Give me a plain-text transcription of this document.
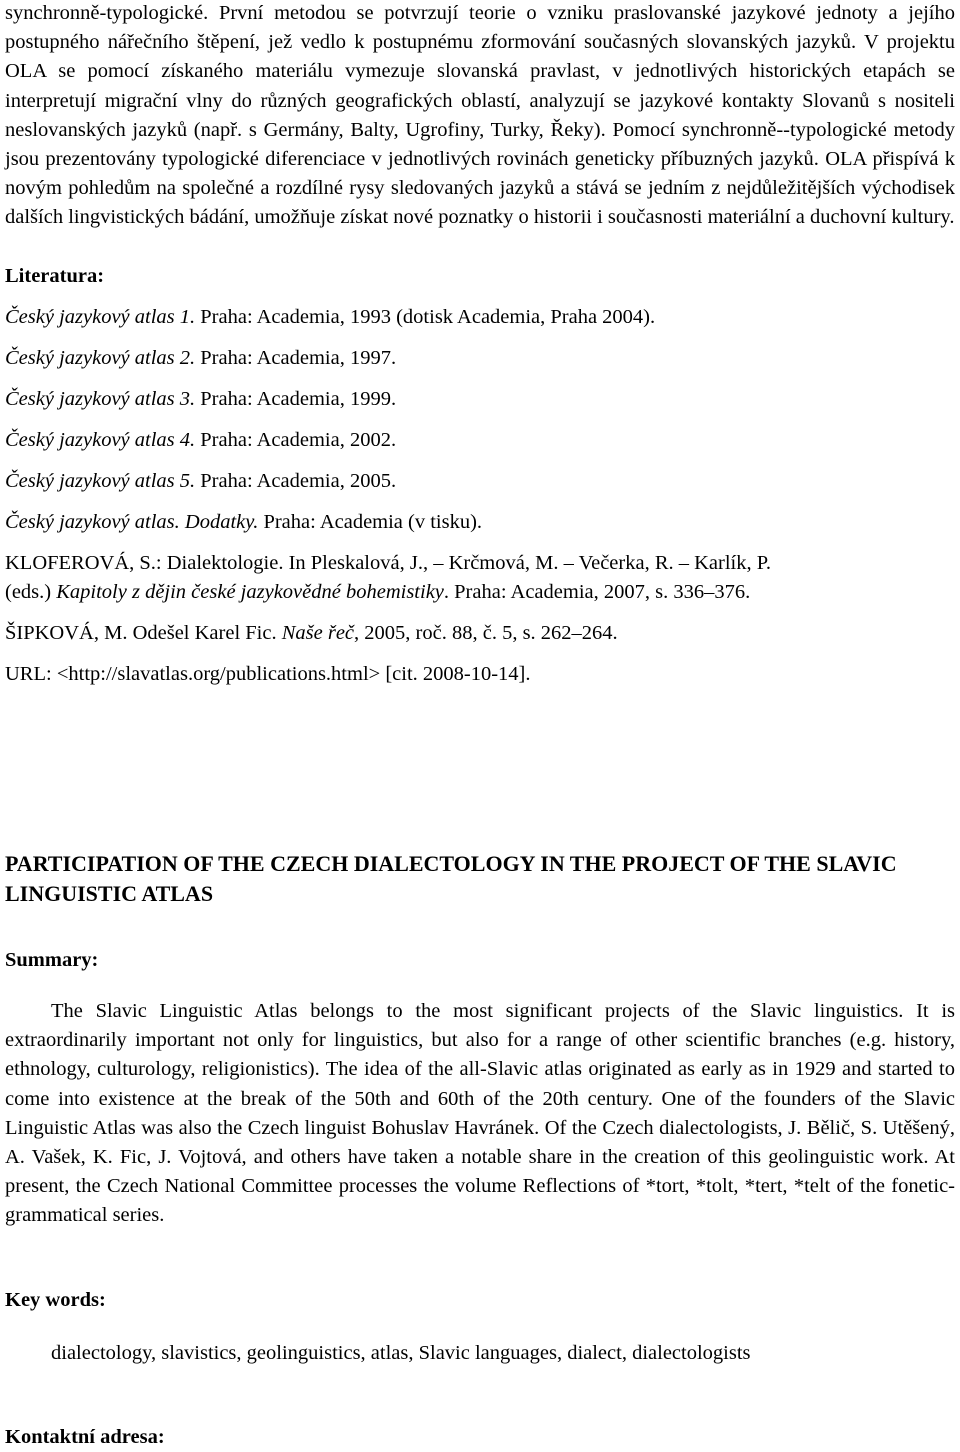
synchronně-typologické. První metodou se potvrzují teorie o vzniku praslovanské jazykové jednoty a jejího postupného nářečního štěpení, jež vedlo k postupnému zformování současných slovanských jazyků. V projektu OLA se pomocí získaného materiálu vymezuje slovanská pravlast, v jednotlivých historických etapách se interpretují migrační vlny do různých geografických oblastí, analyzují se jazykové kontakty Slovanů s nositeli neslovanských jazyků (např. s Germány, Balty, Ugrofiny, Turky, Řeky). Pomocí synchronně--typologické metody jsou prezentovány typologické diferenciace v jednotlivých rovinách geneticky příbuzných jazyků. OLA přispívá k novým pohledům na společné a rozdílné rysy sledovaných jazyků a stává se jedním z nejdůležitějších východisek dalších lingvistických bádání, umožňuje získat nové poznatky o historii i současnosti materiální a duchovní kultury.

Literatura:

Český jazykový atlas 1. Praha: Academia, 1993 (dotisk Academia, Praha 2004).

Český jazykový atlas 2. Praha: Academia, 1997.

Český jazykový atlas 3. Praha: Academia, 1999.

Český jazykový atlas 4. Praha: Academia, 2002.

Český jazykový atlas 5. Praha: Academia, 2005.

Český jazykový atlas. Dodatky. Praha: Academia (v tisku).

KLOFEROVÁ, S.: Dialektologie. In Pleskalová, J., – Krčmová, M. – Večerka, R. – Karlík, P.
(eds.) Kapitoly z dějin české jazykovědné bohemistiky. Praha: Academia, 2007, s. 336–376.

ŠIPKOVÁ, M. Odešel Karel Fic. Naše řeč, 2005, roč. 88, č. 5, s. 262–264.

URL: <http://slavatlas.org/publications.html> [cit. 2008-10-14].

PARTICIPATION OF THE CZECH DIALECTOLOGY IN THE PROJECT OF THE SLAVIC LINGUISTIC ATLAS

Summary:

The Slavic Linguistic Atlas belongs to the most significant projects of the Slavic linguistics. It is extraordinarily important not only for linguistics, but also for a range of other scientific branches (e.g. history, ethnology, culturology, religionistics). The idea of the all-Slavic atlas originated as early as in 1929 and started to come into existence at the break of the 50th and 60th of the 20th century. One of the founders of the Slavic Linguistic Atlas was also the Czech linguist Bohuslav Havránek. Of the Czech dialectologists, J. Bělič, S. Utěšený, A. Vašek, K. Fic, J. Vojtová, and others have taken a notable share in the creation of this geolinguistic work. At present, the Czech National Committee processes the volume Reflections of *tort, *tolt, *tert, *telt of the fonetic-grammatical series.

Key words:

dialectology, slavistics, geolinguistics, atlas, Slavic languages, dialect, dialectologists

Kontaktní adresa:
